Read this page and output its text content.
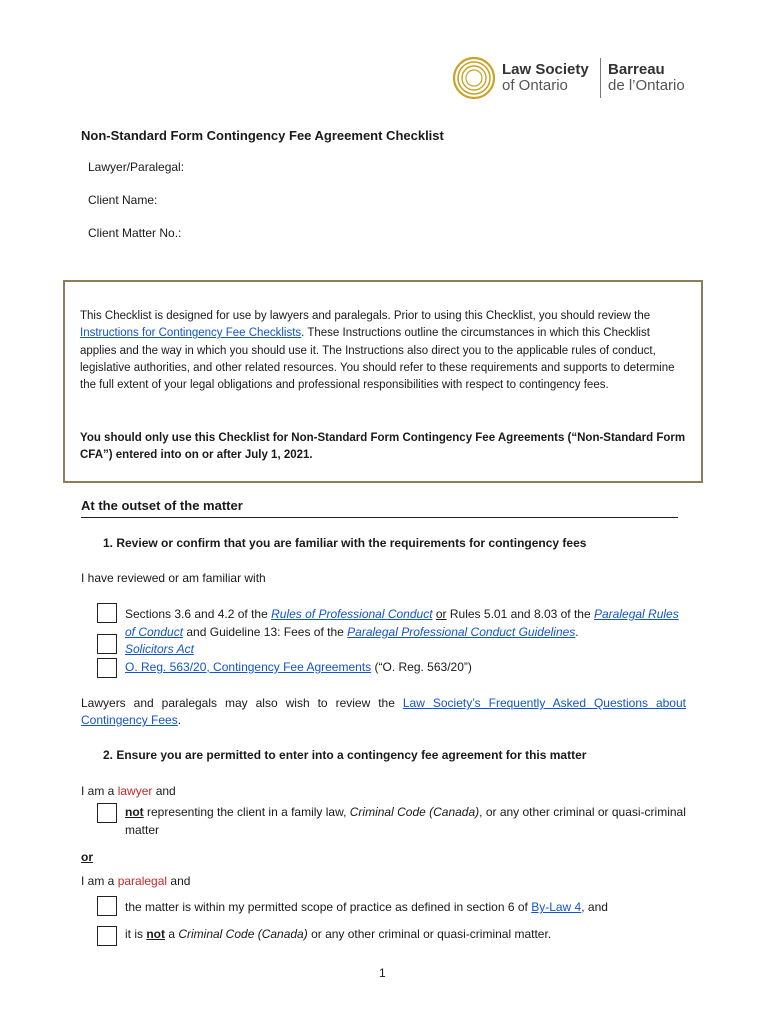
Law Society
of Ontario
Barreau
de l’Ontario
Non-Standard Form Contingency Fee Agreement Checklist
Lawyer/Paralegal:
Client Name:
Client Matter No.:

This Checklist is designed for use by lawyers and paralegals. Prior to using this Checklist, you should review the Instructions for Contingency Fee Checklists. These Instructions outline the circumstances in which this Checklist applies and the way in which you should use it. The Instructions also direct you to the applicable rules of conduct, legislative authorities, and other related resources. You should refer to these requirements and supports to determine the full extent of your legal obligations and professional responsibilities with respect to contingency fees.

You should only use this Checklist for Non-Standard Form Contingency Fee Agreements (“Non-Standard Form CFA”) entered into on or after July 1, 2021.

At the outset of the matter
1. Review or confirm that you are familiar with the requirements for contingency fees
I have reviewed or am familiar with
Sections 3.6 and 4.2 of the Rules of Professional Conduct or Rules 5.01 and 8.03 of the Paralegal Rules of Conduct and Guideline 13: Fees of the Paralegal Professional Conduct Guidelines.
Solicitors Act
O. Reg. 563/20, Contingency Fee Agreements (“O. Reg. 563/20”)
Lawyers and paralegals may also wish to review the Law Society’s Frequently Asked Questions about Contingency Fees.
2. Ensure you are permitted to enter into a contingency fee agreement for this matter
I am a lawyer and
not representing the client in a family law, Criminal Code (Canada), or any other criminal or quasi-criminal matter
or
I am a paralegal and
the matter is within my permitted scope of practice as defined in section 6 of By-Law 4, and
it is not a Criminal Code (Canada) or any other criminal or quasi-criminal matter.
1
